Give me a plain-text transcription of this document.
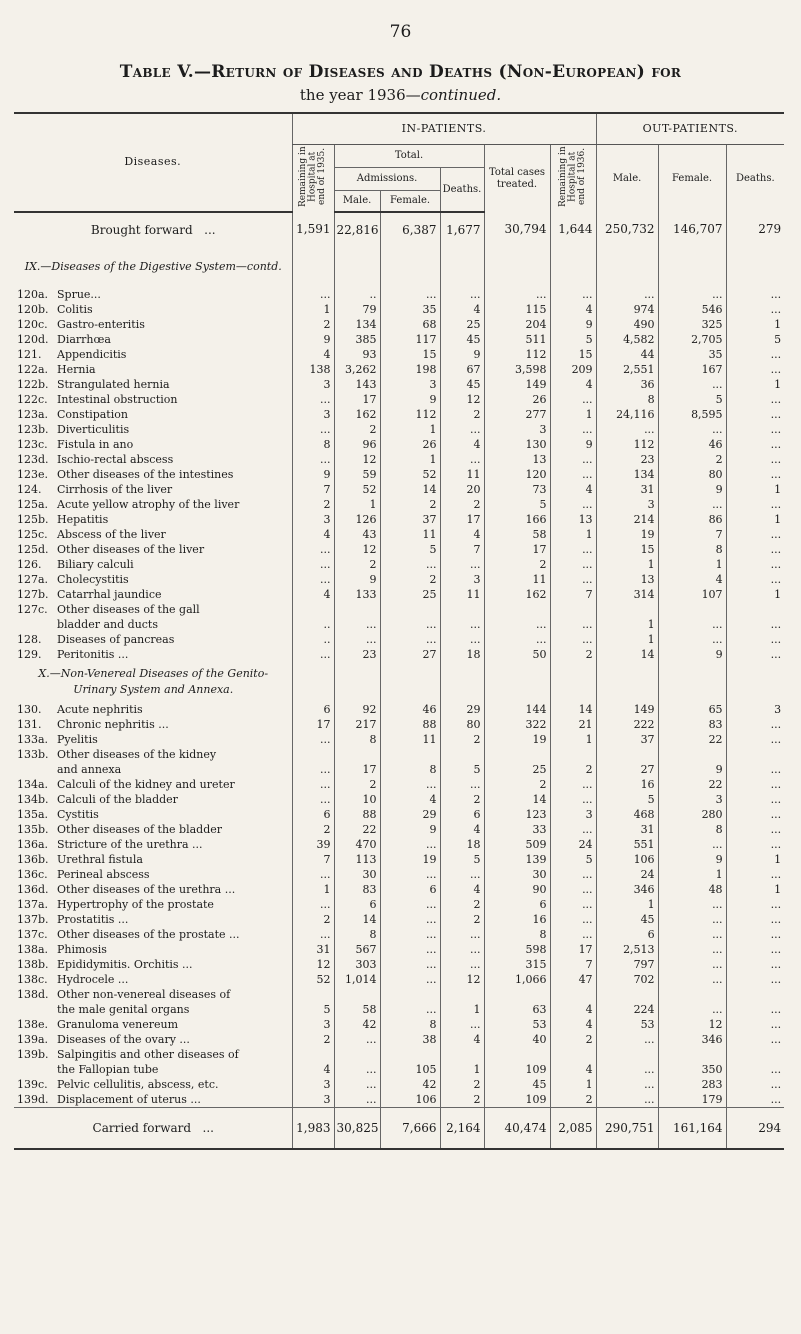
76
Table V.—Return of Diseases and Deaths (Non-European) for
the year 1936—continued.
Diseases.	IN-PATIENTS.						OUT-PATIENTS.		
	Remaining in Hospital at end of 1935.	Total.			Total cases treated.	Remaining in Hospital at end of 1936.	Male.	Female.	Deaths.

		Admissions.
Male. Female.		Deaths.					
Brought forward ...	1,591	22,816	6,387	1,677	30,794	1,644	250,732	146,707	279
IX.—Diseases of the Digestive System—contd.									
120a. Sprue...	...	..	...	...	...	...	...	...	...
120b. Colitis	1	79	35	4	115	4	974	546	...
120c. Gastro-enteritis	2	134	68	25	204	9	490	325	1
120d. Diarrhœa	9	385	117	45	511	5	4,582	2,705	5
121. Appendicitis	4	93	15	9	112	15	44	35	...
122a. Hernia	138	3,262	198	67	3,598	209	2,551	167	...
122b. Strangulated hernia	3	143	3	45	149	4	36	...	1
122c. Intestinal obstruction	...	17	9	12	26	...	8	5	...
123a. Constipation	3	162	112	2	277	1	24,116	8,595	...
123b. Diverticulitis	...	2	1	...	3	...	...	...	...
123c. Fistula in ano	8	96	26	4	130	9	112	46	...
123d. Ischio-rectal abscess	...	12	1	...	13	...	23	2	...
123e. Other diseases of the intestines	9	59	52	11	120	...	134	80	...
124. Cirrhosis of the liver	7	52	14	20	73	4	31	9	1
125a. Acute yellow atrophy of the liver	2	1	2	2	5	...	3	...	...
125b. Hepatitis	3	126	37	17	166	13	214	86	1
125c. Abscess of the liver	4	43	11	4	58	1	19	7	...
125d. Other diseases of the liver	...	12	5	7	17	...	15	8	...
126. Biliary calculi	...	2	...	...	2	...	1	1	...
127a. Cholecystitis	...	9	2	3	11	...	13	4	...
127b. Catarrhal jaundice	4	133	25	11	162	7	314	107	1
127c. Other diseases of the gall									
bladder and ducts	..	...	...	...	...	...	1	...	...
128. Diseases of pancreas	..	...	...	...	...	...	1	...	...
129. Peritonitis ...	...	23	27	18	50	2	14	9	...
X.—Non-Venereal Diseases of the Genito-Urinary System and Annexa.									
130. Acute nephritis	6	92	46	29	144	14	149	65	3
131. Chronic nephritis ...	17	217	88	80	322	21	222	83	...
133a. Pyelitis	...	8	11	2	19	1	37	22	...
133b. Other diseases of the kidney									
and annexa	...	17	8	5	25	2	27	9	...
134a. Calculi of the kidney and ureter	...	2	...	...	2	...	16	22	...
134b. Calculi of the bladder	...	10	4	2	14	...	5	3	...
135a. Cystitis	6	88	29	6	123	3	468	280	...
135b. Other diseases of the bladder	2	22	9	4	33	...	31	8	...
136a. Stricture of the urethra ...	39	470	...	18	509	24	551	...	...
136b. Urethral fistula	7	113	19	5	139	5	106	9	1
136c. Perineal abscess	...	30	...	...	30	...	24	1	...
136d. Other diseases of the urethra ...	1	83	6	4	90	...	346	48	1
137a. Hypertrophy of the prostate	...	6	...	2	6	...	1	...	...
137b. Prostatitis ...	2	14	...	2	16	...	45	...	...
137c. Other diseases of the prostate ...	...	8	...	...	8	...	6	...	...
138a. Phimosis	31	567	...	...	598	17	2,513	...	...
138b. Epididymitis. Orchitis ...	12	303	...	...	315	7	797	...	...
138c. Hydrocele ...	52	1,014	...	12	1,066	47	702	...	...
138d. Other non-venereal diseases of									
the male genital organs	5	58	...	1	63	4	224	...	...
138e. Granuloma venereum	3	42	8	...	53	4	53	12	...
139a. Diseases of the ovary ...	2	...	38	4	40	2	...	346	...
139b. Salpingitis and other diseases of									
the Fallopian tube	4	...	105	1	109	4	...	350	...
139c. Pelvic cellulitis, abscess, etc.	3	...	42	2	45	1	...	283	...
139d. Displacement of uterus ...	3	...	106	2	109	2	...	179	...
Carried forward ...	1,983	30,825	7,666	2,164	40,474	2,085	290,751	161,164	294
